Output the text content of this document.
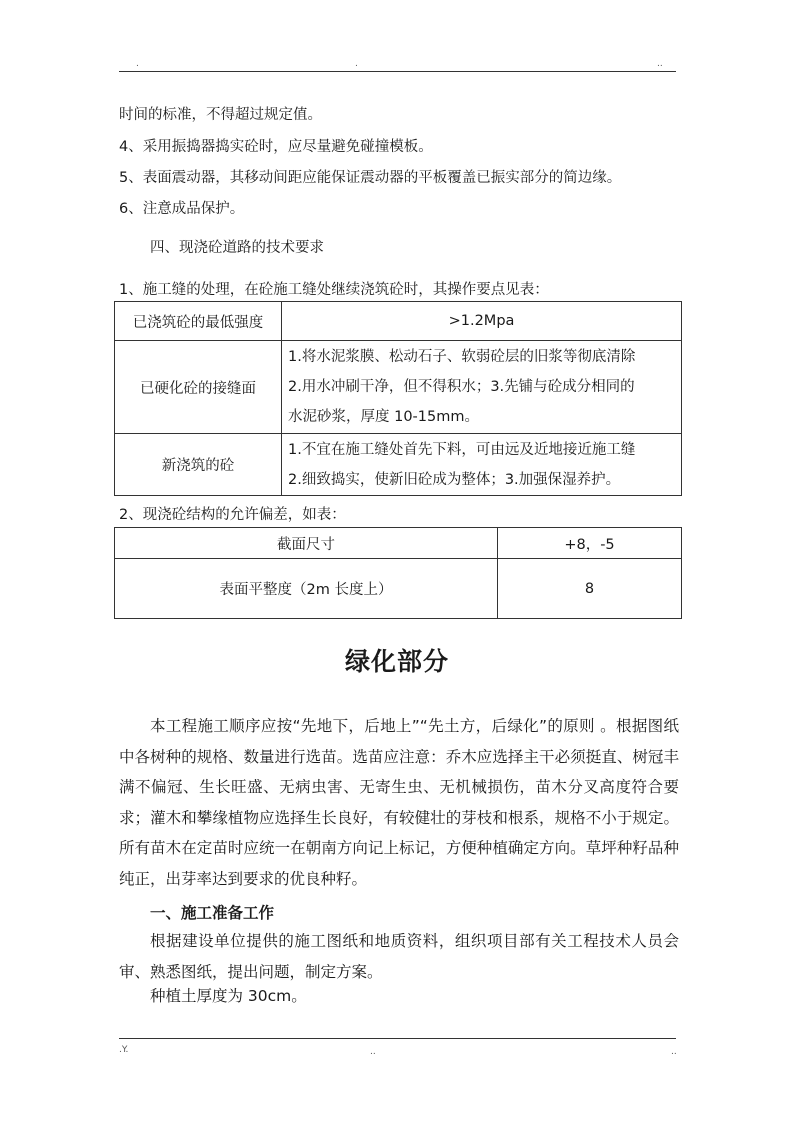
.	.	..
时间的标准，不得超过规定值。
4、采用振捣器捣实砼时，应尽量避免碰撞模板。
5、表面震动器，其移动间距应能保证震动器的平板覆盖已振实部分的简边缘。
6、注意成品保护。
四、现浇砼道路的技术要求
1、施工缝的处理，在砼施工缝处继续浇筑砼时，其操作要点见表：
已浇筑砼的最低强度	>1.2Mpa
已硬化砼的接缝面	1.将水泥浆膜、松动石子、软弱砼层的旧浆等彻底清除
2.用水冲刷干净，但不得积水；3.先铺与砼成分相同的
水泥砂浆，厚度 10-15mm。

新浇筑的砼	1.不宜在施工缝处首先下料，可由远及近地接近施工缝
2.细致捣实，使新旧砼成为整体；3.加强保湿养护。
2、现浇砼结构的允许偏差，如表：
截面尺寸	+8，-5
表面平整度（2m 长度上）	8
绿化部分

本工程施工顺序应按“先地下，后地上”“先土方，后绿化”的原则 。根据图纸中各树种的规格、数量进行选苗。选苗应注意：乔木应选择主干必须挺直、树冠丰满不偏冠、生长旺盛、无病虫害、无寄生虫、无机械损伤，苗木分叉高度符合要求；灌木和攀缘植物应选择生长良好，有较健壮的芽枝和根系，规格不小于规定。所有苗木在定苗时应统一在朝南方向记上标记，方便种植确定方向。草坪种籽品种纯正，出芽率达到要求的优良种籽。

一、施工准备工作

根据建设单位提供的施工图纸和地质资料，组织项目部有关工程技术人员会审、熟悉图纸，提出问题，制定方案。

种植土厚度为 30cm。
.Y.	..	..
